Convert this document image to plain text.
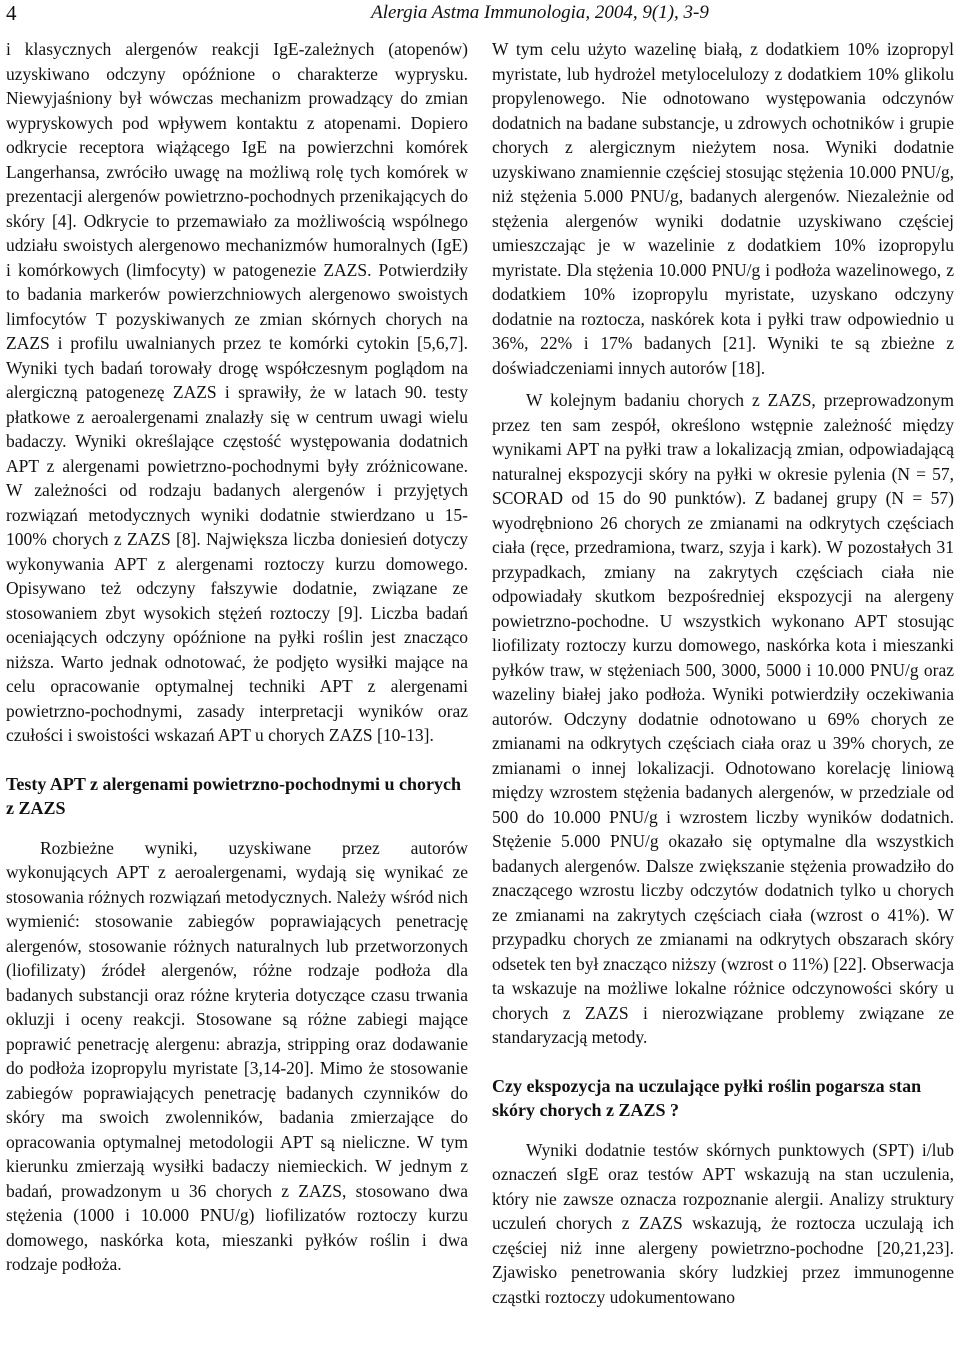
4	Alergia Astma Immunologia, 2004, 9(1), 3-9

i klasycznych alergenów reakcji IgE-zależnych (atopenów) uzyskiwano odczyny opóźnione o charakterze wyprysku. Niewyjaśniony był wówczas mechanizm prowadzący do zmian wypryskowych pod wpływem kontaktu z atopenami. Dopiero odkrycie receptora wiążącego IgE na powierzchni komórek Langerhansa, zwróciło uwagę na możliwą rolę tych komórek w prezentacji alergenów powietrzno-pochodnych przenikających do skóry [4]. Odkrycie to przemawiało za możliwością wspólnego udziału swoistych alergenowo mechanizmów humoralnych (IgE) i komórkowych (limfocyty) w patogenezie ZAZS. Potwierdziły to badania markerów powierzchniowych alergenowo swoistych limfocytów T pozyskiwanych ze zmian skórnych chorych na ZAZS i profilu uwalnianych przez te komórki cytokin [5,6,7]. Wyniki tych badań torowały drogę współczesnym poglądom na alergiczną patogenezę ZAZS i sprawiły, że w latach 90. testy płatkowe z aeroalergenami znalazły się w centrum uwagi wielu badaczy. Wyniki określające częstość występowania dodatnich APT z alergenami powietrzno-pochodnymi były zróżnicowane. W zależności od rodzaju badanych alergenów i przyjętych rozwiązań metodycznych wyniki dodatnie stwierdzano u 15-100% chorych z ZAZS [8]. Największa liczba doniesień dotyczy wykonywania APT z alergenami roztoczy kurzu domowego. Opisywano też odczyny fałszywie dodatnie, związane ze stosowaniem zbyt wysokich stężeń roztoczy [9]. Liczba badań oceniających odczyny opóźnione na pyłki roślin jest znacząco niższa. Warto jednak odnotować, że podjęto wysiłki mające na celu opracowanie optymalnej techniki APT z alergenami powietrzno-pochodnymi, zasady interpretacji wyników oraz czułości i swoistości wskazań APT u chorych ZAZS [10-13].

Testy APT z alergenami powietrzno-pochodnymi u chorych z ZAZS

Rozbieżne wyniki, uzyskiwane przez autorów wykonujących APT z aeroalergenami, wydają się wynikać ze stosowania różnych rozwiązań metodycznych. Należy wśród nich wymienić: stosowanie zabiegów poprawiających penetrację alergenów, stosowanie różnych naturalnych lub przetworzonych (liofilizaty) źródeł alergenów, różne rodzaje podłoża dla badanych substancji oraz różne kryteria dotyczące czasu trwania okluzji i oceny reakcji. Stosowane są różne zabiegi mające poprawić penetrację alergenu: abrazja, stripping oraz dodawanie do podłoża izopropylu myristate [3,14-20]. Mimo że stosowanie zabiegów poprawiających penetrację badanych czynników do skóry ma swoich zwolenników, badania zmierzające do opracowania optymalnej metodologii APT są nieliczne. W tym kierunku zmierzają wysiłki badaczy niemieckich. W jednym z badań, prowadzonym u 36 chorych z ZAZS, stosowano dwa stężenia (1000 i 10.000 PNU/g) liofilizatów roztoczy kurzu domowego, naskórka kota, mieszanki pyłków roślin i dwa rodzaje podłoża.

W tym celu użyto wazelinę białą, z dodatkiem 10% izopropyl myristate, lub hydrożel metylocelulozy z dodatkiem 10% glikolu propylenowego. Nie odnotowano występowania odczynów dodatnich na badane substancje, u zdrowych ochotników i grupie chorych z alergicznym nieżytem nosa. Wyniki dodatnie uzyskiwano znamiennie częściej stosując stężenia 10.000 PNU/g, niż stężenia 5.000 PNU/g, badanych alergenów. Niezależnie od stężenia alergenów wyniki dodatnie uzyskiwano częściej umieszczając je w wazelinie z dodatkiem 10% izopropylu myristate. Dla stężenia 10.000 PNU/g i podłoża wazelinowego, z dodatkiem 10% izopropylu myristate, uzyskano odczyny dodatnie na roztocza, naskórek kota i pyłki traw odpowiednio u 36%, 22% i 17% badanych [21]. Wyniki te są zbieżne z doświadczeniami innych autorów [18].

W kolejnym badaniu chorych z ZAZS, przeprowadzonym przez ten sam zespół, określono wstępnie zależność między wynikami APT na pyłki traw a lokalizacją zmian, odpowiadającą naturalnej ekspozycji skóry na pyłki w okresie pylenia (N = 57, SCORAD od 15 do 90 punktów). Z badanej grupy (N = 57) wyodrębniono 26 chorych ze zmianami na odkrytych częściach ciała (ręce, przedramiona, twarz, szyja i kark). W pozostałych 31 przypadkach, zmiany na zakrytych częściach ciała nie odpowiadały skutkom bezpośredniej ekspozycji na alergeny powietrzno-pochodne. U wszystkich wykonano APT stosując liofilizaty roztoczy kurzu domowego, naskórka kota i mieszanki pyłków traw, w stężeniach 500, 3000, 5000 i 10.000 PNU/g oraz wazeliny białej jako podłoża. Wyniki potwierdziły oczekiwania autorów. Odczyny dodatnie odnotowano u 69% chorych ze zmianami na odkrytych częściach ciała oraz u 39% chorych, ze zmianami o innej lokalizacji. Odnotowano korelację liniową między wzrostem stężenia badanych alergenów, w przedziale od 500 do 10.000 PNU/g i wzrostem liczby wyników dodatnich. Stężenie 5.000 PNU/g okazało się optymalne dla wszystkich badanych alergenów. Dalsze zwiększanie stężenia prowadziło do znaczącego wzrostu liczby odczytów dodatnich tylko u chorych ze zmianami na zakrytych częściach ciała (wzrost o 41%). W przypadku chorych ze zmianami na odkrytych obszarach skóry odsetek ten był znacząco niższy (wzrost o 11%) [22]. Obserwacja ta wskazuje na możliwe lokalne różnice odczynowości skóry u chorych z ZAZS i nierozwiązane problemy związane ze standaryzacją metody.

Czy ekspozycja na uczulające pyłki roślin pogarsza stan skóry chorych z ZAZS ?

Wyniki dodatnie testów skórnych punktowych (SPT) i/lub oznaczeń sIgE oraz testów APT wskazują na stan uczulenia, który nie zawsze oznacza rozpoznanie alergii. Analizy struktury uczuleń chorych z ZAZS wskazują, że roztocza uczulają ich częściej niż inne alergeny powietrzno-pochodne [20,21,23]. Zjawisko penetrowania skóry ludzkiej przez immunogenne cząstki roztoczy udokumentowano
